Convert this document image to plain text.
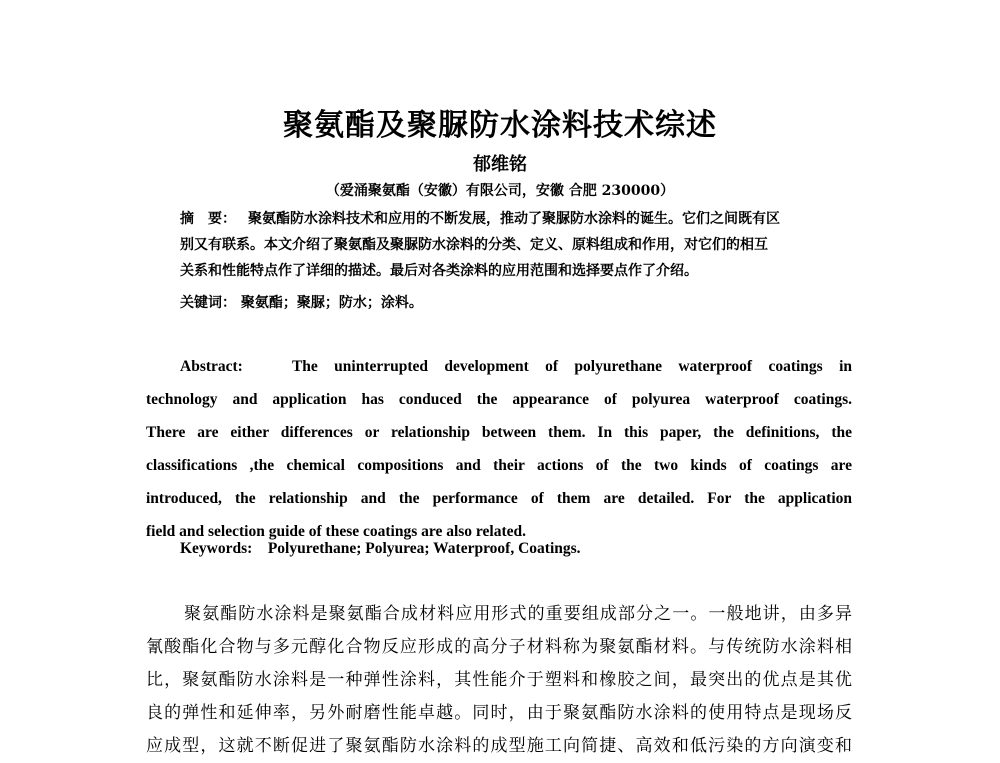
聚氨酯及聚脲防水涂料技术综述
郁维铭
（爱涌聚氨酯（安徽）有限公司，安徽 合肥 230000）
摘　要： 聚氨酯防水涂料技术和应用的不断发展，推动了聚脲防水涂料的诞生。它们之间既有区
别又有联系。本文介绍了聚氨酯及聚脲防水涂料的分类、定义、原料组成和作用，对它们的相互
关系和性能特点作了详细的描述。最后对各类涂料的应用范围和选择要点作了介绍。
关键词： 聚氨酯；聚脲；防水；涂料。
Abstract:	The uninterrupted development of polyurethane waterproof coatings in
technology and application has conduced the appearance of polyurea waterproof coatings.
There are either differences or relationship between them. In this paper, the definitions, the
classifications ,the chemical compositions and their actions of the two kinds of coatings are
introduced, the relationship and the performance of them are detailed. For the application
field and selection guide of these coatings are also related.
Keywords: Polyurethane; Polyurea; Waterproof, Coatings.
聚氨酯防水涂料是聚氨酯合成材料应用形式的重要组成部分之一。一般地讲，由多异
氰酸酯化合物与多元醇化合物反应形成的高分子材料称为聚氨酯材料。与传统防水涂料相
比，聚氨酯防水涂料是一种弹性涂料，其性能介于塑料和橡胶之间，最突出的优点是其优
良的弹性和延伸率，另外耐磨性能卓越。同时，由于聚氨酯防水涂料的使用特点是现场反
应成型，这就不断促进了聚氨酯防水涂料的成型施工向简捷、高效和低污染的方向演变和
